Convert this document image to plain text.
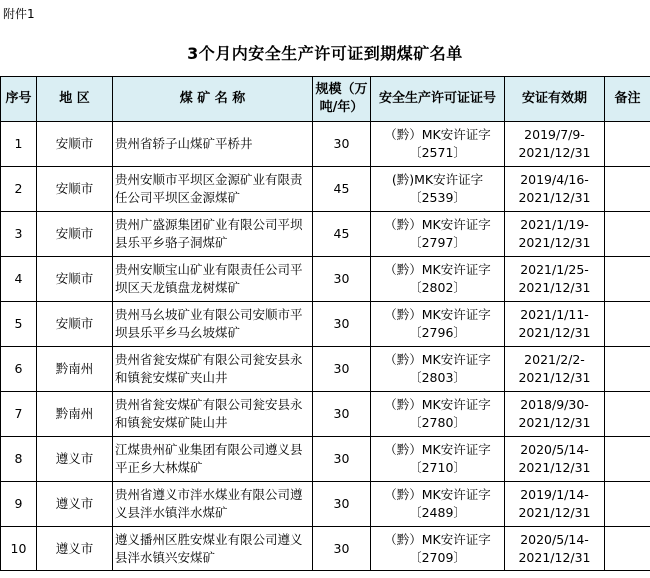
附件1
3个月内安全生产许可证到期煤矿名单
序号	地 区	煤 矿 名 称	规模（万吨/年）	安全生产许可证证号	安证有效期	备注
1	安顺市	贵州省轿子山煤矿平桥井	30	（黔）MK安许证字〔2571〕	2019/7/9-2021/12/31	
2	安顺市	贵州安顺市平坝区金源矿业有限责任公司平坝区金源煤矿	45	(黔)MK安许证字〔2539〕	2019/4/16-2021/12/31	
3	安顺市	贵州广盛源集团矿业有限公司平坝县乐平乡骆子洞煤矿	45	（黔）MK安许证字〔2797〕	2021/1/19-2021/12/31	
4	安顺市	贵州安顺宝山矿业有限责任公司平坝区天龙镇盘龙树煤矿	30	（黔）MK安许证字〔2802〕	2021/1/25-2021/12/31	
5	安顺市	贵州马幺坡矿业有限公司安顺市平坝县乐平乡马幺坡煤矿	30	（黔）MK安许证字〔2796〕	2021/1/11-2021/12/31	
6	黔南州	贵州省瓮安煤矿有限公司瓮安县永和镇瓮安煤矿夹山井	30	（黔）MK安许证字〔2803〕	2021/2/2-2021/12/31	
7	黔南州	贵州省瓮安煤矿有限公司瓮安县永和镇瓮安煤矿陡山井	30	（黔）MK安许证字〔2780〕	2018/9/30-2021/12/31	
8	遵义市	江煤贵州矿业集团有限公司遵义县平正乡大林煤矿	30	（黔）MK安许证字〔2710〕	2020/5/14-2021/12/31	
9	遵义市	贵州省遵义市泮水煤业有限公司遵义县泮水镇泮水煤矿	30	（黔）MK安许证字〔2489〕	2019/1/14-2021/12/31	
10	遵义市	遵义播州区胜安煤业有限公司遵义县泮水镇兴安煤矿	30	（黔）MK安许证字〔2709〕	2020/5/14-2021/12/31	
